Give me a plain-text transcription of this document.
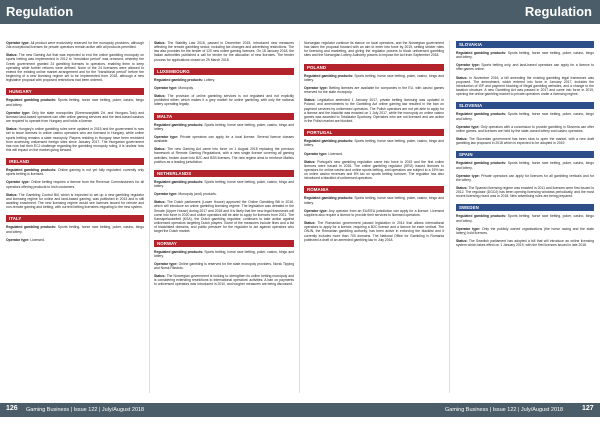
Regulation	Regulation

Operator type: All product were exclusively reserved for the monopoly providers, although 2ds exceptional licenses for private operators remain active with all products permitted.

Status: The new Gaming Act that was expected to end the online gambling monopoly on sports betting was implemented in 2012 to "emulation period" was removed, whereby the Greek government granted 24 gambling licenses to operators, enabling them to keep operating while further reforms were defined. None of the 24 licensees were allowed to extend the existing online market arrangement and for the "transitional period" before the beginning of a new licensing regime set to be implemented from 2018, although a new legislative proposal with proposed restrictions had been ordered.

HUNGARY

Regulated gambling products: Sports betting, horse race betting, poker, casino, bingo and lottery.

Operator type: Only the state monopolies (Szerencsejáték Zrt. and Hungaro-Toto) and licensed land-based operators can offer online gaming services and the land-based casinos are required to operate from Hungary and holds a license.

Status: Hungary's online gambling rules were updated in 2015 and the government is now set to issue licenses to online casino operators who are licensed in Hungary, while online sports betting remains a state monopoly. Players residing in Hungary have been restricted from accessing unlicensed foreign sites since January 2017. The Hungarian government has now lost their ECJ challenge regarding the gambling monopoly ruling, it is unclear how this will impact on the market going forward.

IRELAND

Regulated gambling products: Online gaming is not yet fully regulated; currently only sports betting is licensed.

Operator type: Online betting requires a license from the Revenue Commissioners for all operators offering products to Irish customers.

Status: The Gambling Control Bill, which is expected to set up a new gambling regulator and licensing regime for online and land-based gaming, was published in 2013 and is still awaiting enactment. The new licensing regime would see licenses issued for remote and non-remote gaming and betting, with current betting licensees migrating to the new system.

ITALY

Regulated gambling products: Sports betting, horse race betting, poker, casino, bingo and lottery.

Operator type: Licensed.

Status: The Stability Law 2016, passed in December 2015, introduced new measures affecting the remote gambling sector, including tax changes and advertising restrictions. The law also provides for the tender of 120 new online gaming licenses. On 18 January 2018, the Italian authorities published a call for tender for the allocation of new licenses. The tender process for applications closed on 29 March 2018.

LUXEMBOURG

Regulated gambling products: Lottery.

Operator type: Monopoly.

Status: The provision of online gambling services is not regulated and not explicitly prohibited either, which makes it a grey market for online gambling, with only the national lottery operating legally.

MALTA

Regulated gambling products: Sports betting, horse race betting, poker, casino, bingo and lottery.

Operator type: Private operators can apply for a local license. Several licence classes available.

Status: The new Gaming Act came into force on 1 August 2018 replacing the previous framework of Remote Gaming Regulations, with a new single licence covering all gaming activities, broken down into B2C and B2B licenses. The new regime aims to reinforce Malta's position as a leading jurisdiction.

NETHERLANDS

Regulated gambling products: Sports betting, horse race betting, poker, casino, bingo and lottery.

Operator type: Monopoly (and) products.

Status: The Dutch parliament (Lower House) approved the Online Gambling Bill in 2016, which will introduce an online gambling licensing regime. The legislation was debated in the Senate (Upper House) during 2017 and 2018 and it is likely that the new legal framework will come into force in 2020 and online operators will be able to apply for licences from 2021. The Kansspelautoriteit (KSA), the Dutch gambling regulator, continues to take action against unlicensed operators targeting Dutch players. Some of the measures include fines and a list of blacklisted domains, and public pressure for the regulator to act against operators who target the Dutch market.

NORWAY

Regulated gambling products: Sports betting, horse race betting, poker, casino, bingo and lottery.

Operator type: Online gambling is reserved for the state monopoly providers, Norsk Tipping and Norsk Rikstoto.

Status: The Norwegian government is looking to strengthen its online betting monopoly and is considering extending restrictions to international operators' activities. A ban on payments to unlicensed operators was introduced in 2010, and tougher measures are being discussed.

Norwegian regulator continue its stance on local operators, and the Norwegian government has taken the proposal forward with an aim to enter into force by 2019, setting stricter rules for licensing and marketing, and giving the regulator powers to block unlicensed gambling sites and the Norwegian Lottery Authority powers to impose the Act from September 2018.

POLAND

Regulated gambling products: Sports betting, horse race betting, poker, casino, bingo and lottery.

Operator type: Betting licenses are available for companies in the EU, with casino games reserved for the state monopoly.

Status: Legislation amended 1 January 2017, private betting licensing was updated in Poland, and amendments to the Gambling Act online gaming law resulted in the ban on payment services by unlicensed operators. The Polish operators are not yet able to apply for a license and the blacklist was enacted on 1 July 2017, while the monopoly on online casino games was awarded to Totalizator Sportowy. Operators who are not licensed and are active in the Polish market are blocked.

PORTUGAL

Regulated gambling products: Sports betting, horse race betting, poker, casino, bingo and lottery.

Operator type: Licensed.

Status: Portugal's new gambling regulation came into force in 2015 and the first online licences were issued in 2016. The online gambling regulator (SRIJ) issued licences to operators for online casino and online sports betting, and operators are subject to a 15% tax on online casino revenues and 8% tax on sports betting turnover. The regulator has also introduced a blacklist of unlicensed operators.

ROMANIA

Regulated gambling products: Sports betting, horse race betting, poker, casino, bingo and lottery.

Operator type: Any operator from an EU/EEA jurisdiction can apply for a licence. Licensed suppliers also require a licence to provide their services to licensed operators.

Status: The Romanian government passed legislation in 2014 that allows international operators to apply for a licence, requiring a B2C licence and a licence for each vertical. The ONJN, the Romanian gambling authority, has been active in enforcing the blacklist and it currently includes more than 700 domains. The National Office for Gambling in Romania published a draft of an amended gambling law in July 2018.

SLOVAKIA

Regulated gambling products: Sports betting, horse race betting, poker, casino, bingo and lottery.

Operator type: Sports betting only, and land-based operators can apply for a licence to offer games online.

Status: In November 2016, a bill amending the existing gambling legal framework was proposed. The amendment, which entered into force in January 2017, includes the introduction of ISP and payment blocking of illegal gambling websites, and a change to the taxation structure. A new Gambling Act was passed in 2017 and came into force in 2019, opening the online gambling market to private operators under a licensing regime.

SLOVENIA

Regulated gambling products: Sports betting, horse race betting, poker, casino, bingo and lottery.

Operator type: Only operators with a concession to provide gambling in Slovenia can offer online games, and licences are held by the state-owned lottery and casino operators.

Status: The Slovenian government has been slow to open the market, with a new draft gambling law proposed in 2018 which is expected to be adopted in 2019.

SPAIN

Regulated gambling products: Sports betting, horse race betting, poker, casino, bingo and lottery.

Operator type: Private operators can apply for licences for all gambling verticals and for the lottery.

Status: The Spanish licensing regime was enacted in 2011 and licences were first issued in 2012. The regulator (DGOJ) has been opening licensing windows periodically, and the most recent licensing round was in 2018. New advertising rules are being prepared.

SWEDEN

Regulated gambling products: Sports betting, horse race betting, poker, casino, bingo and lottery.

Operator type: Only the publicly owned organisations (the horse racing and the state lottery) hold licences.

Status: The Swedish parliament has adopted a bill that will introduce an online licensing system which takes effect on 1 January 2019, with the first licences issued in late 2018.

126 Gaming Business | Issue 122 | July/August 2018	Gaming Business | Issue 122 | July/August 2018	127
